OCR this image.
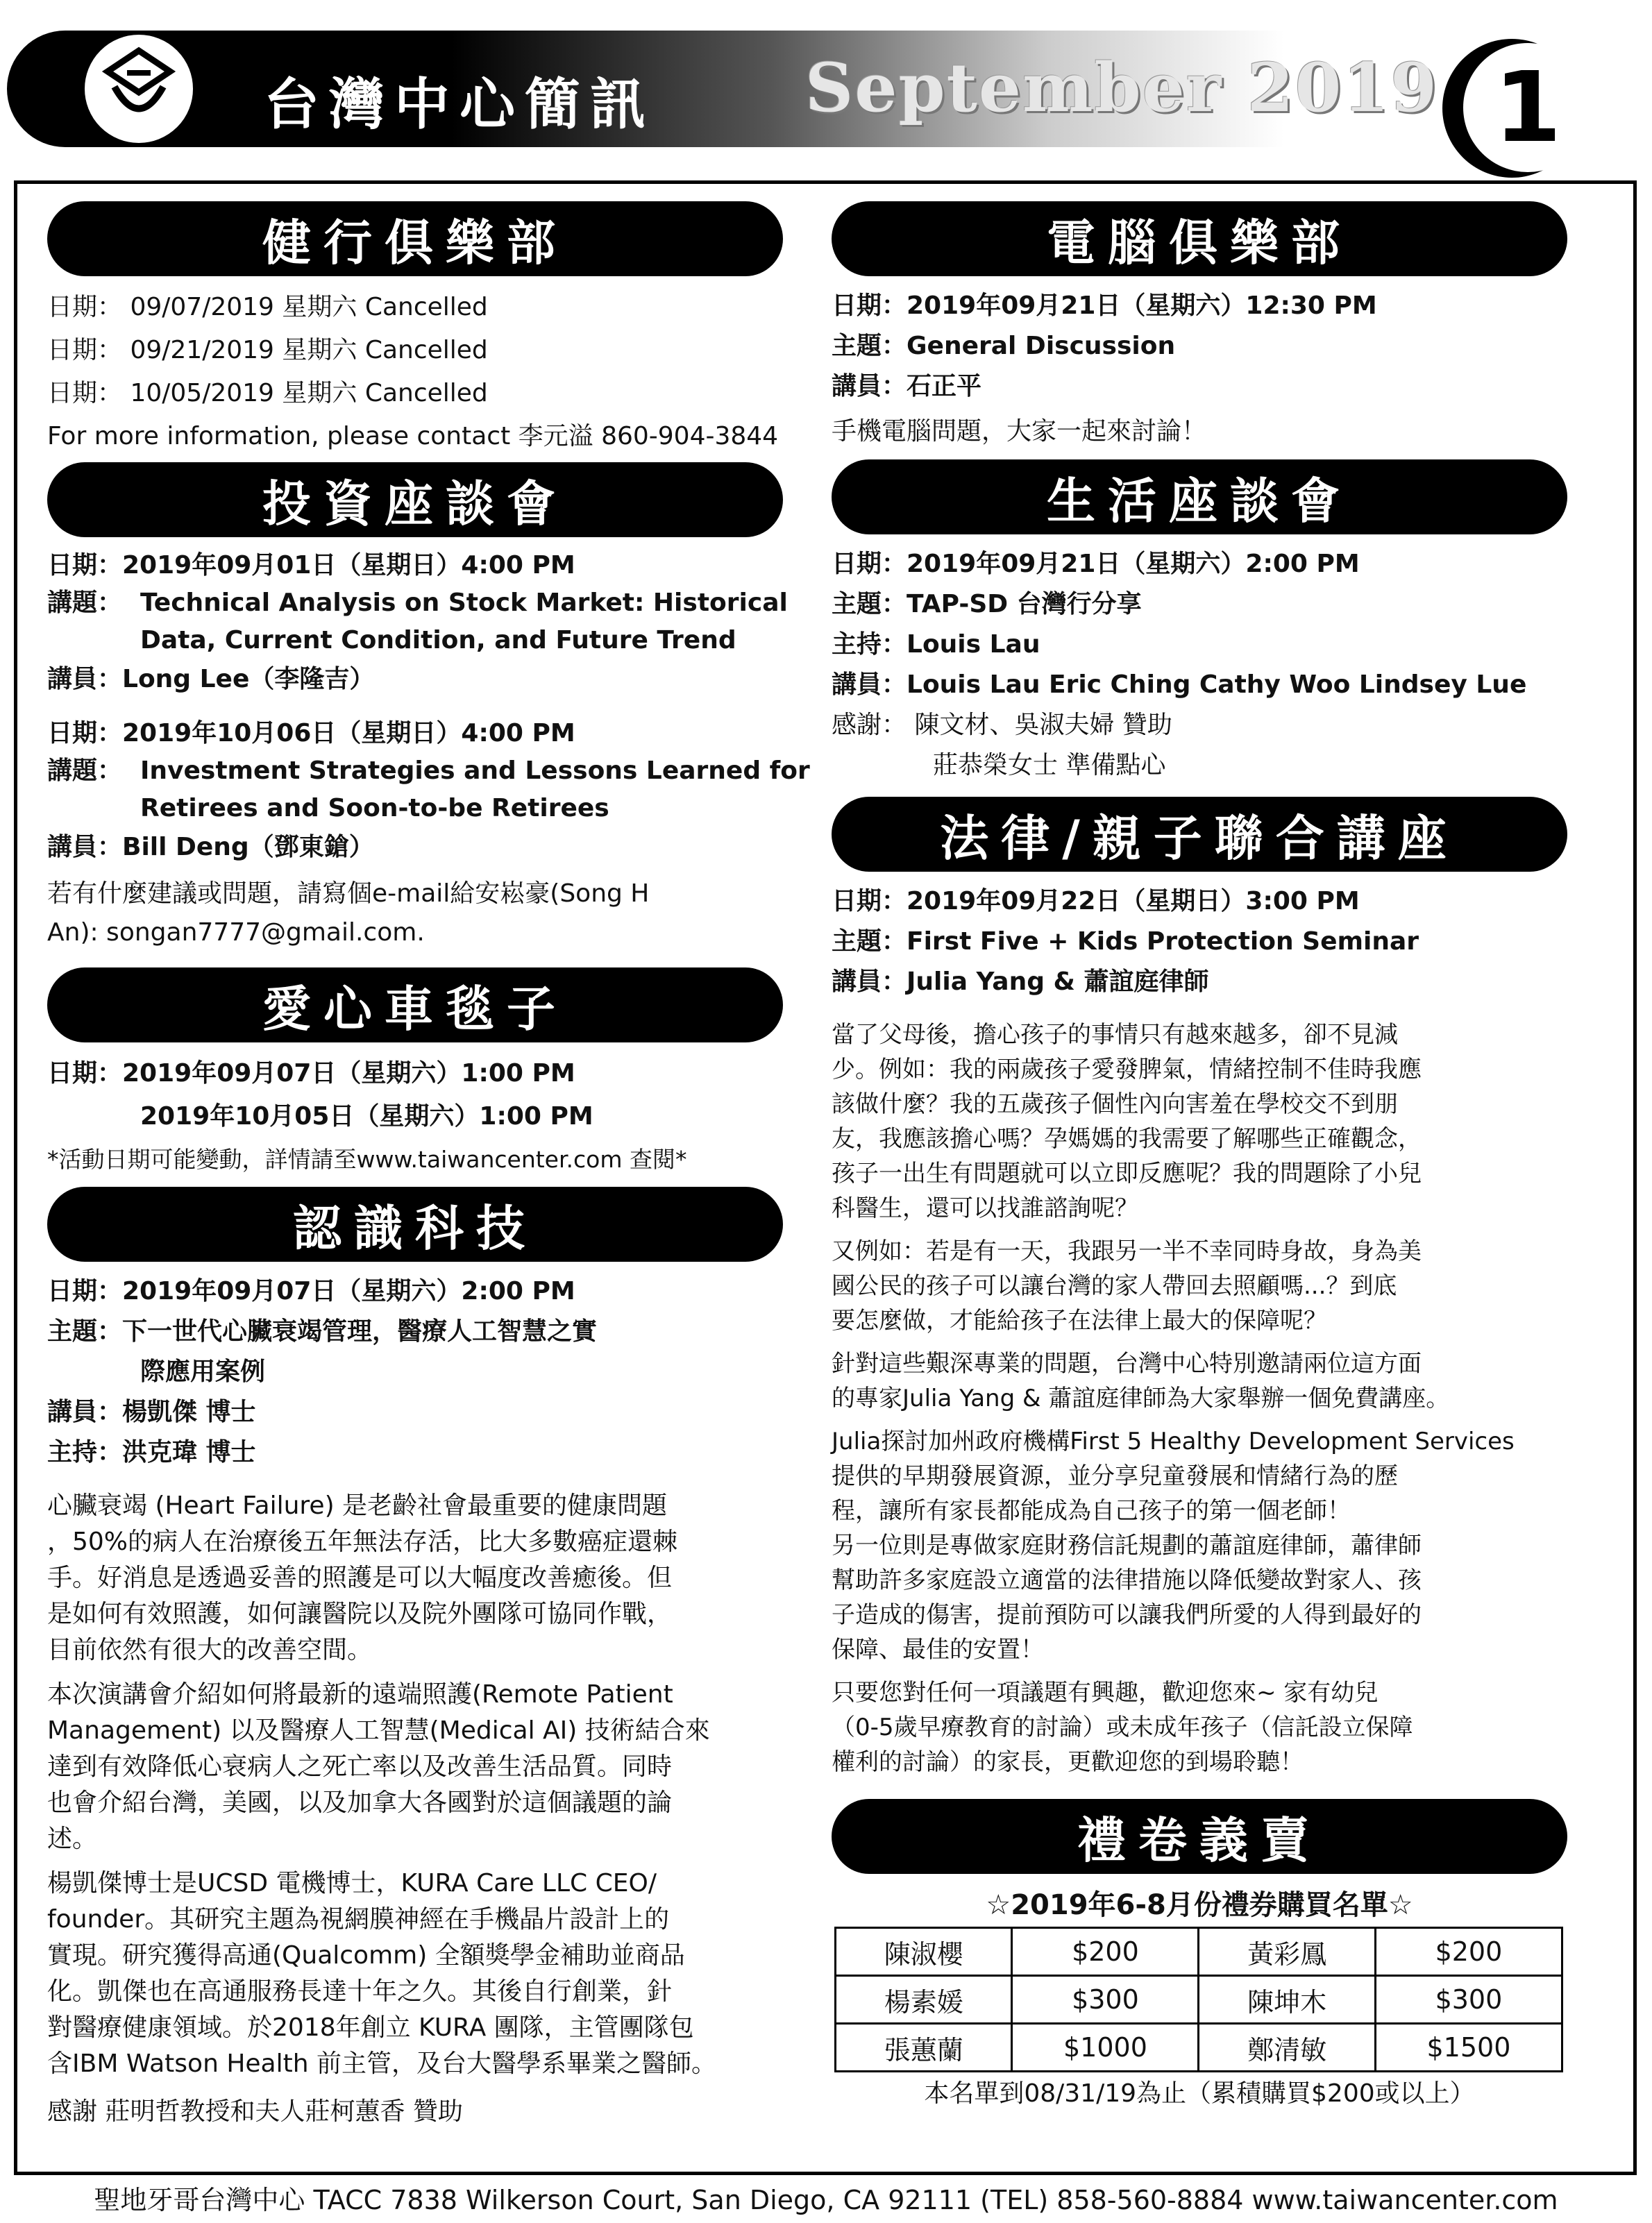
台灣中心簡訊 September 2019 1
健行俱樂部
日期： 09/07/2019 星期六 Cancelled
日期： 09/21/2019 星期六 Cancelled
日期： 10/05/2019 星期六 Cancelled
For more information, please contact 李元溢 860-904-3844
投資座談會
日期：2019年09月01日（星期日）4:00 PM
講題： Technical Analysis on Stock Market: Historical
Data, Current Condition, and Future Trend
講員：Long Lee（李隆吉）
日期：2019年10月06日（星期日）4:00 PM
講題： Investment Strategies and Lessons Learned for
Retirees and Soon-to-be Retirees
講員：Bill Deng（鄧東鎗）
若有什麼建議或問題，請寫個e-mail給安崧豪(Song H
An): songan7777@gmail.com.
愛心車毯子
日期：2019年09月07日（星期六）1:00 PM
2019年10月05日（星期六）1:00 PM
*活動日期可能變動，詳情請至www.taiwancenter.com 查閱*
認識科技
日期：2019年09月07日（星期六）2:00 PM
主題：下一世代心臟衰竭管理，醫療人工智慧之實
際應用案例
講員：楊凱傑 博士
主持：洪克瑋 博士

心臟衰竭 (Heart Failure) 是老齡社會最重要的健康問題
，50%的病人在治療後五年無法存活，比大多數癌症還棘
手。好消息是透過妥善的照護是可以大幅度改善癒後。但
是如何有效照護，如何讓醫院以及院外團隊可協同作戰，
目前依然有很大的改善空間。

本次演講會介紹如何將最新的遠端照護(Remote Patient
Management) 以及醫療人工智慧(Medical AI) 技術結合來
達到有效降低心衰病人之死亡率以及改善生活品質。同時
也會介紹台灣，美國，以及加拿大各國對於這個議題的論
述。

楊凱傑博士是UCSD 電機博士，KURA Care LLC CEO/
founder。其研究主題為視網膜神經在手機晶片設計上的
實現。研究獲得高通(Qualcomm) 全額獎學金補助並商品
化。凱傑也在高通服務長達十年之久。其後自行創業，針
對醫療健康領域。於2018年創立 KURA 團隊，主管團隊包
含IBM Watson Health 前主管，及台大醫學系畢業之醫師。

感謝 莊明哲教授和夫人莊柯蕙香 贊助
電腦俱樂部
日期：2019年09月21日（星期六）12:30 PM
主題：General Discussion
講員：石正平
手機電腦問題，大家一起來討論！
生活座談會
日期：2019年09月21日（星期六）2:00 PM
主題：TAP-SD 台灣行分享
主持：Louis Lau
講員：Louis Lau Eric Ching Cathy Woo Lindsey Lue
感謝： 陳文材、吳淑夫婦 贊助
莊恭榮女士 準備點心
法律/親子聯合講座
日期：2019年09月22日（星期日）3:00 PM
主題：First Five + Kids Protection Seminar
講員：Julia Yang & 蕭誼庭律師

當了父母後，擔心孩子的事情只有越來越多，卻不見減
少。例如：我的兩歲孩子愛發脾氣，情緒控制不佳時我應
該做什麼？我的五歲孩子個性內向害羞在學校交不到朋
友，我應該擔心嗎？孕媽媽的我需要了解哪些正確觀念，
孩子一出生有問題就可以立即反應呢？我的問題除了小兒
科醫生，還可以找誰諮詢呢？

又例如：若是有一天，我跟另一半不幸同時身故，身為美
國公民的孩子可以讓台灣的家人帶回去照顧嗎...？到底
要怎麼做，才能給孩子在法律上最大的保障呢？

針對這些艱深專業的問題，台灣中心特別邀請兩位這方面
的專家Julia Yang & 蕭誼庭律師為大家舉辦一個免費講座。

Julia探討加州政府機構First 5 Healthy Development Services
提供的早期發展資源，並分享兒童發展和情緒行為的歷
程，讓所有家長都能成為自己孩子的第一個老師！
另一位則是專做家庭財務信託規劃的蕭誼庭律師，蕭律師
幫助許多家庭設立適當的法律措施以降低變故對家人、孩
子造成的傷害，提前預防可以讓我們所愛的人得到最好的
保障、最佳的安置！

只要您對任何一項議題有興趣，歡迎您來~ 家有幼兒
（0-5歲早療教育的討論）或未成年孩子（信託設立保障
權利的討論）的家長，更歡迎您的到場聆聽！

禮卷義賣
☆2019年6-8月份禮券購買名單☆
陳淑櫻	$200	黃彩鳳	$200
楊素媛	$300	陳坤木	$300
張蕙蘭	$1000	鄭清敏	$1500
本名單到08/31/19為止（累積購買$200或以上）
聖地牙哥台灣中心 TACC 7838 Wilkerson Court, San Diego, CA 92111 (TEL) 858-560-8884 www.taiwancenter.com
